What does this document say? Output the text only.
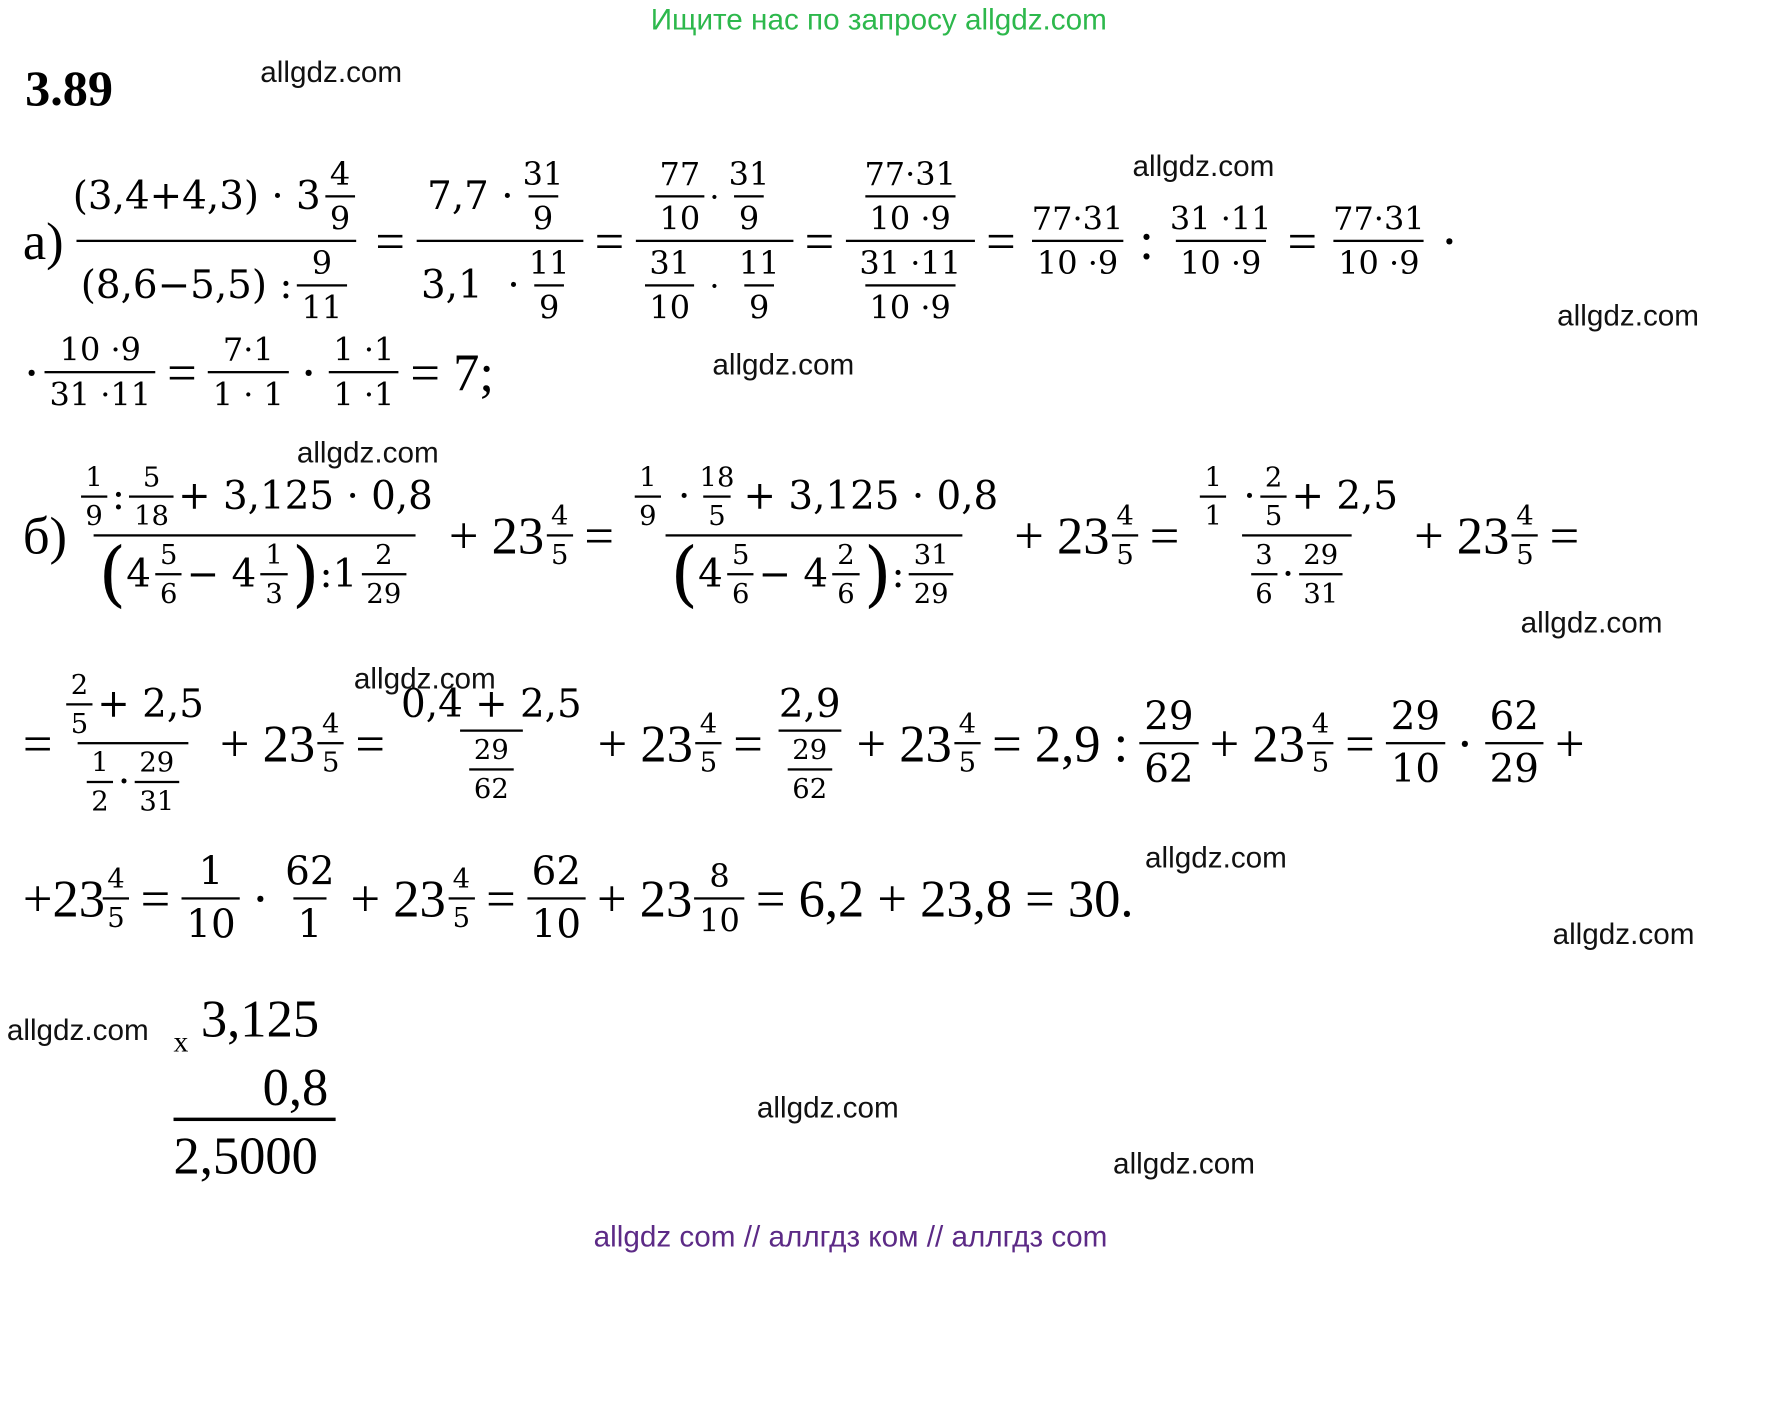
Ищите нас по запросу allgdz.com
3.89	allgdz.com
allgdz.com
allgdz.com
allgdz.com
allgdz.com
allgdz.com
allgdz.com
allgdz.com
allgdz.com
allgdz.com
allgdz.com
allgdz.com
$а) \frac{(3,4+4,3) \cdot 3 \frac{4}{9}}{(8,6-5,5) : \frac{9}{11}} = \frac{7,7 \cdot \frac{31}{9}}{3,1 \cdot \frac{11}{9}} = \frac{\frac{77}{10} \cdot \frac{31}{9}}{\frac{31}{10} \cdot \frac{11}{9}} = \frac{\frac{77\cdot 31}{10 \cdot 9}}{\frac{31 \cdot 11}{10 \cdot 9}} = \frac{77\cdot 31}{10 \cdot 9}$ : $\frac{31 \cdot 11}{10 \cdot 9} = \frac{77\cdot 31}{10 \cdot 9}$ ·
· $\frac{10 \cdot 9}{31 \cdot 11} = \frac{7\cdot 1}{1 \cdot 1} \cdot \frac{1 \cdot 1}{1 \cdot 1} = 7$;
$б) \frac{\frac{1}{9} : \frac{5}{18} + 3,125 \cdot 0,8}{( 4 \frac{5}{6} - 4 \frac{1}{3} ) :1 \frac{2}{29}} + 23 \frac{4}{5} = \frac{\frac{1}{9} \cdot \frac{18}{5} + 3,125 \cdot 0,8}{( 4 \frac{5}{6} - 4 \frac{2}{6} ) : \frac{31}{29}} + 23 \frac{4}{5} = \frac{\frac{1}{1} \cdot \frac{2}{5} + 2,5}{\frac{3}{6} \cdot \frac{29}{31}} + 23 \frac{4}{5}$ =
= $\frac{\frac{2}{5} + 2,5}{\frac{1}{2} \cdot \frac{29}{31}} + 23 \frac{4}{5} = \frac{0,4 + 2,5}{\frac{29}{62}} + 23 \frac{4}{5} = \frac{2,9}{\frac{29}{62}} + 23 \frac{4}{5} = 2,9$ : $\frac{29}{62} + 23 \frac{4}{5} = \frac{29}{10} \cdot \frac{62}{29}$ +
+23
$\frac{4}{5} = \frac{1}{10} \cdot \frac{62}{1} + 23 \frac{4}{5} = \frac{62}{10} + 23 \frac{8}{10} = 6,2 + 23,8 = 30$.
x 3,125
0,8
2,5000
allgdz com // аллгдз ком // аллгдз com
